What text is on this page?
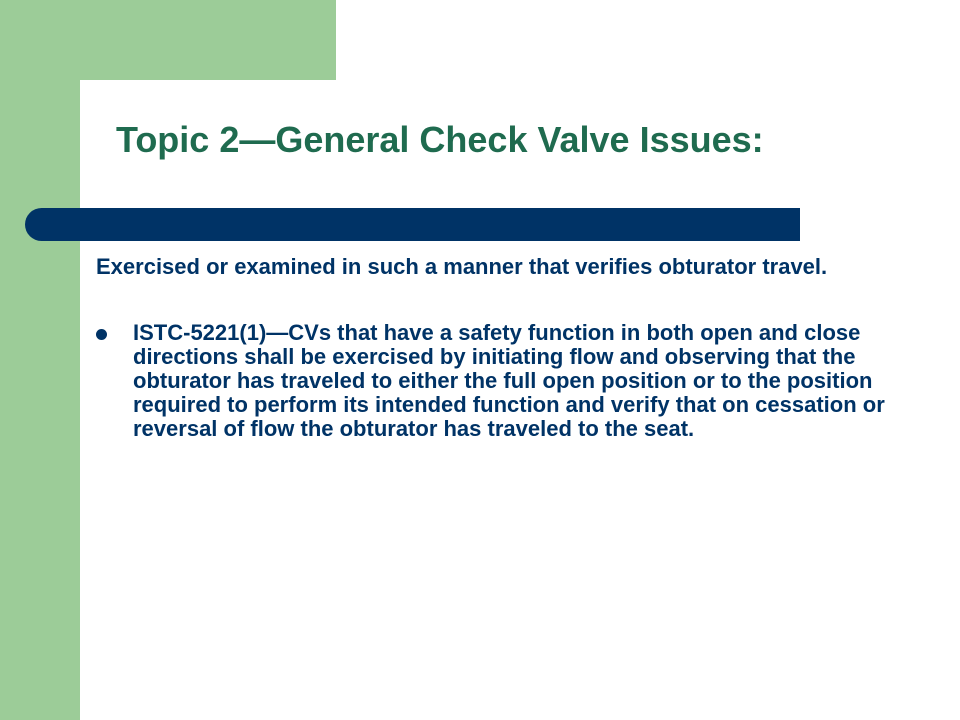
Topic 2—General Check Valve Issues:

Exercised or examined in such a manner that verifies obturator travel.

ISTC-5221(1)—CVs that have a safety function in both open and close directions shall be exercised by initiating flow and observing that the obturator has traveled to either the full open position or to the position required to perform its intended function and verify that on cessation or reversal of flow the obturator has traveled to the seat.
